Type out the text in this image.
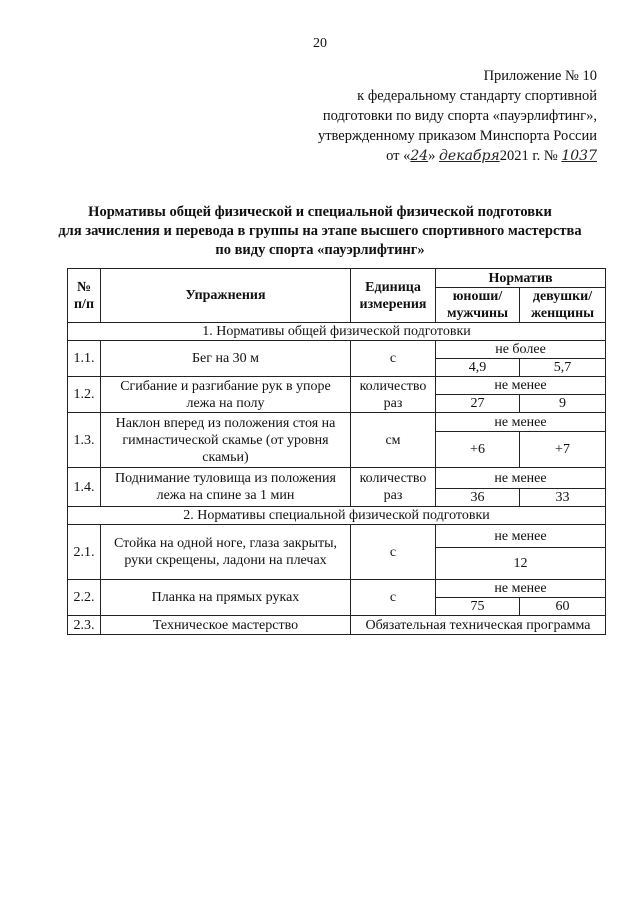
20
Приложение № 10
к федеральному стандарту спортивной
подготовки по виду спорта «пауэрлифтинг»,
утвержденному приказом Минспорта России
от «24» декабря2021 г. № 1037
Нормативы общей физической и специальной физической подготовки
для зачисления и перевода в группы на этапе высшего спортивного мастерства
по виду спорта «пауэрлифтинг»
№ п/п	Упражнения	Единица измерения	Норматив	
			юноши/ мужчины	девушки/ женщины
1. Нормативы общей физической подготовки				
1.1.	Бег на 30 м	с	не более	
			4,9	5,7
1.2.	Сгибание и разгибание рук в упоре лежа на полу	количество раз	не менее	
			27	9
1.3.	Наклон вперед из положения стоя на гимнастической скамье (от уровня скамьи)	см	не менее	
			+6	+7
1.4.	Поднимание туловища из положения лежа на спине за 1 мин	количество раз	не менее	
			36	33
2. Нормативы специальной физической подготовки				
2.1.	Стойка на одной ноге, глаза закрыты, руки скрещены, ладони на плечах	с	не менее	
			12	
2.2.	Планка на прямых руках	с	не менее	
			75	60
2.3.	Техническое мастерство	Обязательная техническая программа		
